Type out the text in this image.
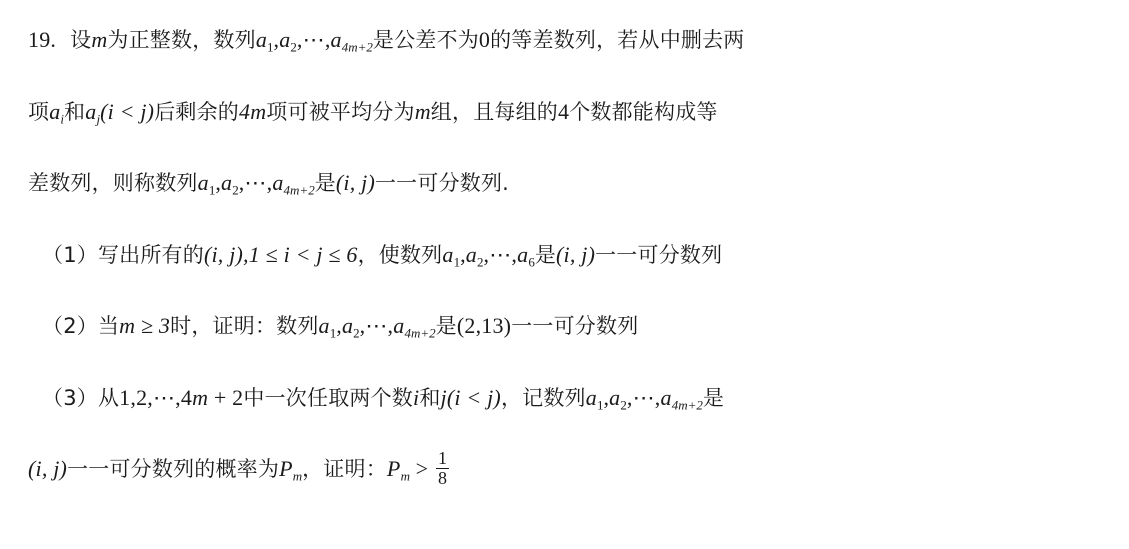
19. 设m为正整数，数列$a_1,a_2,\cdots,a_{4m+2}$是公差不为0的等差数列，若从中删去两
项$a_i$和$a_j(i < j)$后剩余的4m项可被平均分为m组，且每组的4个数都能构成等
差数列，则称数列$a_1,a_2,\cdots,a_{4m+2}$是(i, j)一一可分数列.
（1）写出所有的(i, j),1 ≤ i < j ≤ 6，使数列$a_1,a_2,\cdots,a_6$是(i, j)一一可分数列
（2）当m ≥ 3时，证明：数列$a_1,a_2,\cdots,a_{4m+2}$是(2,13)一一可分数列
（3）从1,2,⋯,4m + 2中一次任取两个数i和j(i < j)，记数列$a_1,a_2,\cdots,a_{4m+2}$是
(i, j)一一可分数列的概率为$P_m$，证明：$P_m > \frac{1}{8}$
